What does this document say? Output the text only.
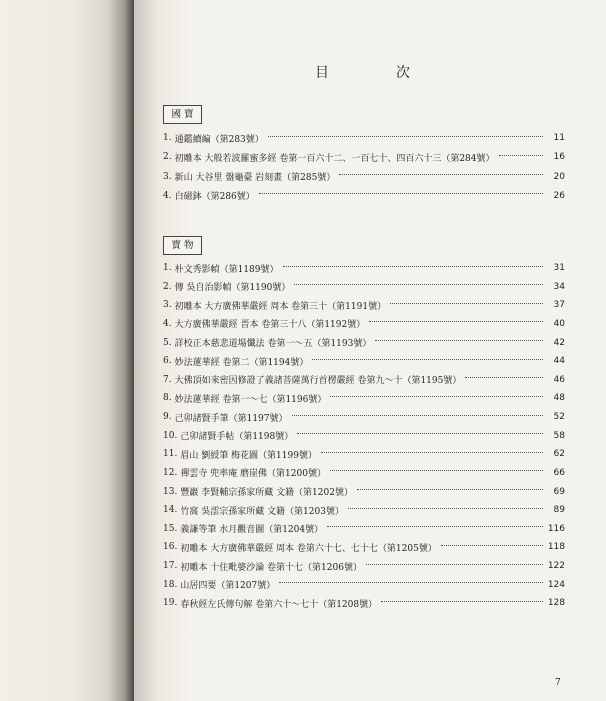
目	次
國 寶
1. 通鑑續編（第283號）	11
2. 初雕本 大般若波羅蜜多經 卷第一百六十二、一百七十、四百六十三（第284號）	16
3. 新山 大谷里 盤龜臺 岩刻畫（第285號）	20
4. 白磁鉢（第286號）	26
寶 物
1. 朴文秀影幀（第1189號）	31
2. 傳 吳自治影幀（第1190號）	34
3. 初雕本 大方廣佛華嚴經 周本 卷第三十（第1191號）	37
4. 大方廣佛華嚴經 晋本 卷第三十八（第1192號）	40
5. 詳校正本慈悲道場懺法 卷第一～五（第1193號）	42
6. 妙法蓮華經 卷第二（第1194號）	44
7. 大佛頂如來密因修證了義諸菩薩萬行首楞嚴經 卷第九～十（第1195號）	46
8. 妙法蓮華經 卷第一～七（第1196號）	48
9. 己卯諸賢手筆（第1197號）	52
10. 己卯諸賢手帖（第1198號）	58
11. 眉山 劉綬筆 梅花圖（第1199號）	62
12. 禪雲寺 兜率庵 磨崖佛（第1200號）	66
13. 豐巖 李賢輔宗孫家所藏 文籍（第1202號）	69
14. 竹窩 吳澐宗孫家所藏 文籍（第1203號）	89
15. 義謙等筆 水月觀音圖（第1204號）	116
16. 初雕本 大方廣佛華嚴經 周本 卷第六十七、七十七（第1205號）	118
17. 初雕本 十住毗婆沙論 卷第十七（第1206號）	122
18. 山居四要（第1207號）	124
19. 春秋經左氏傳句解 卷第六十～七十（第1208號）	128
7
